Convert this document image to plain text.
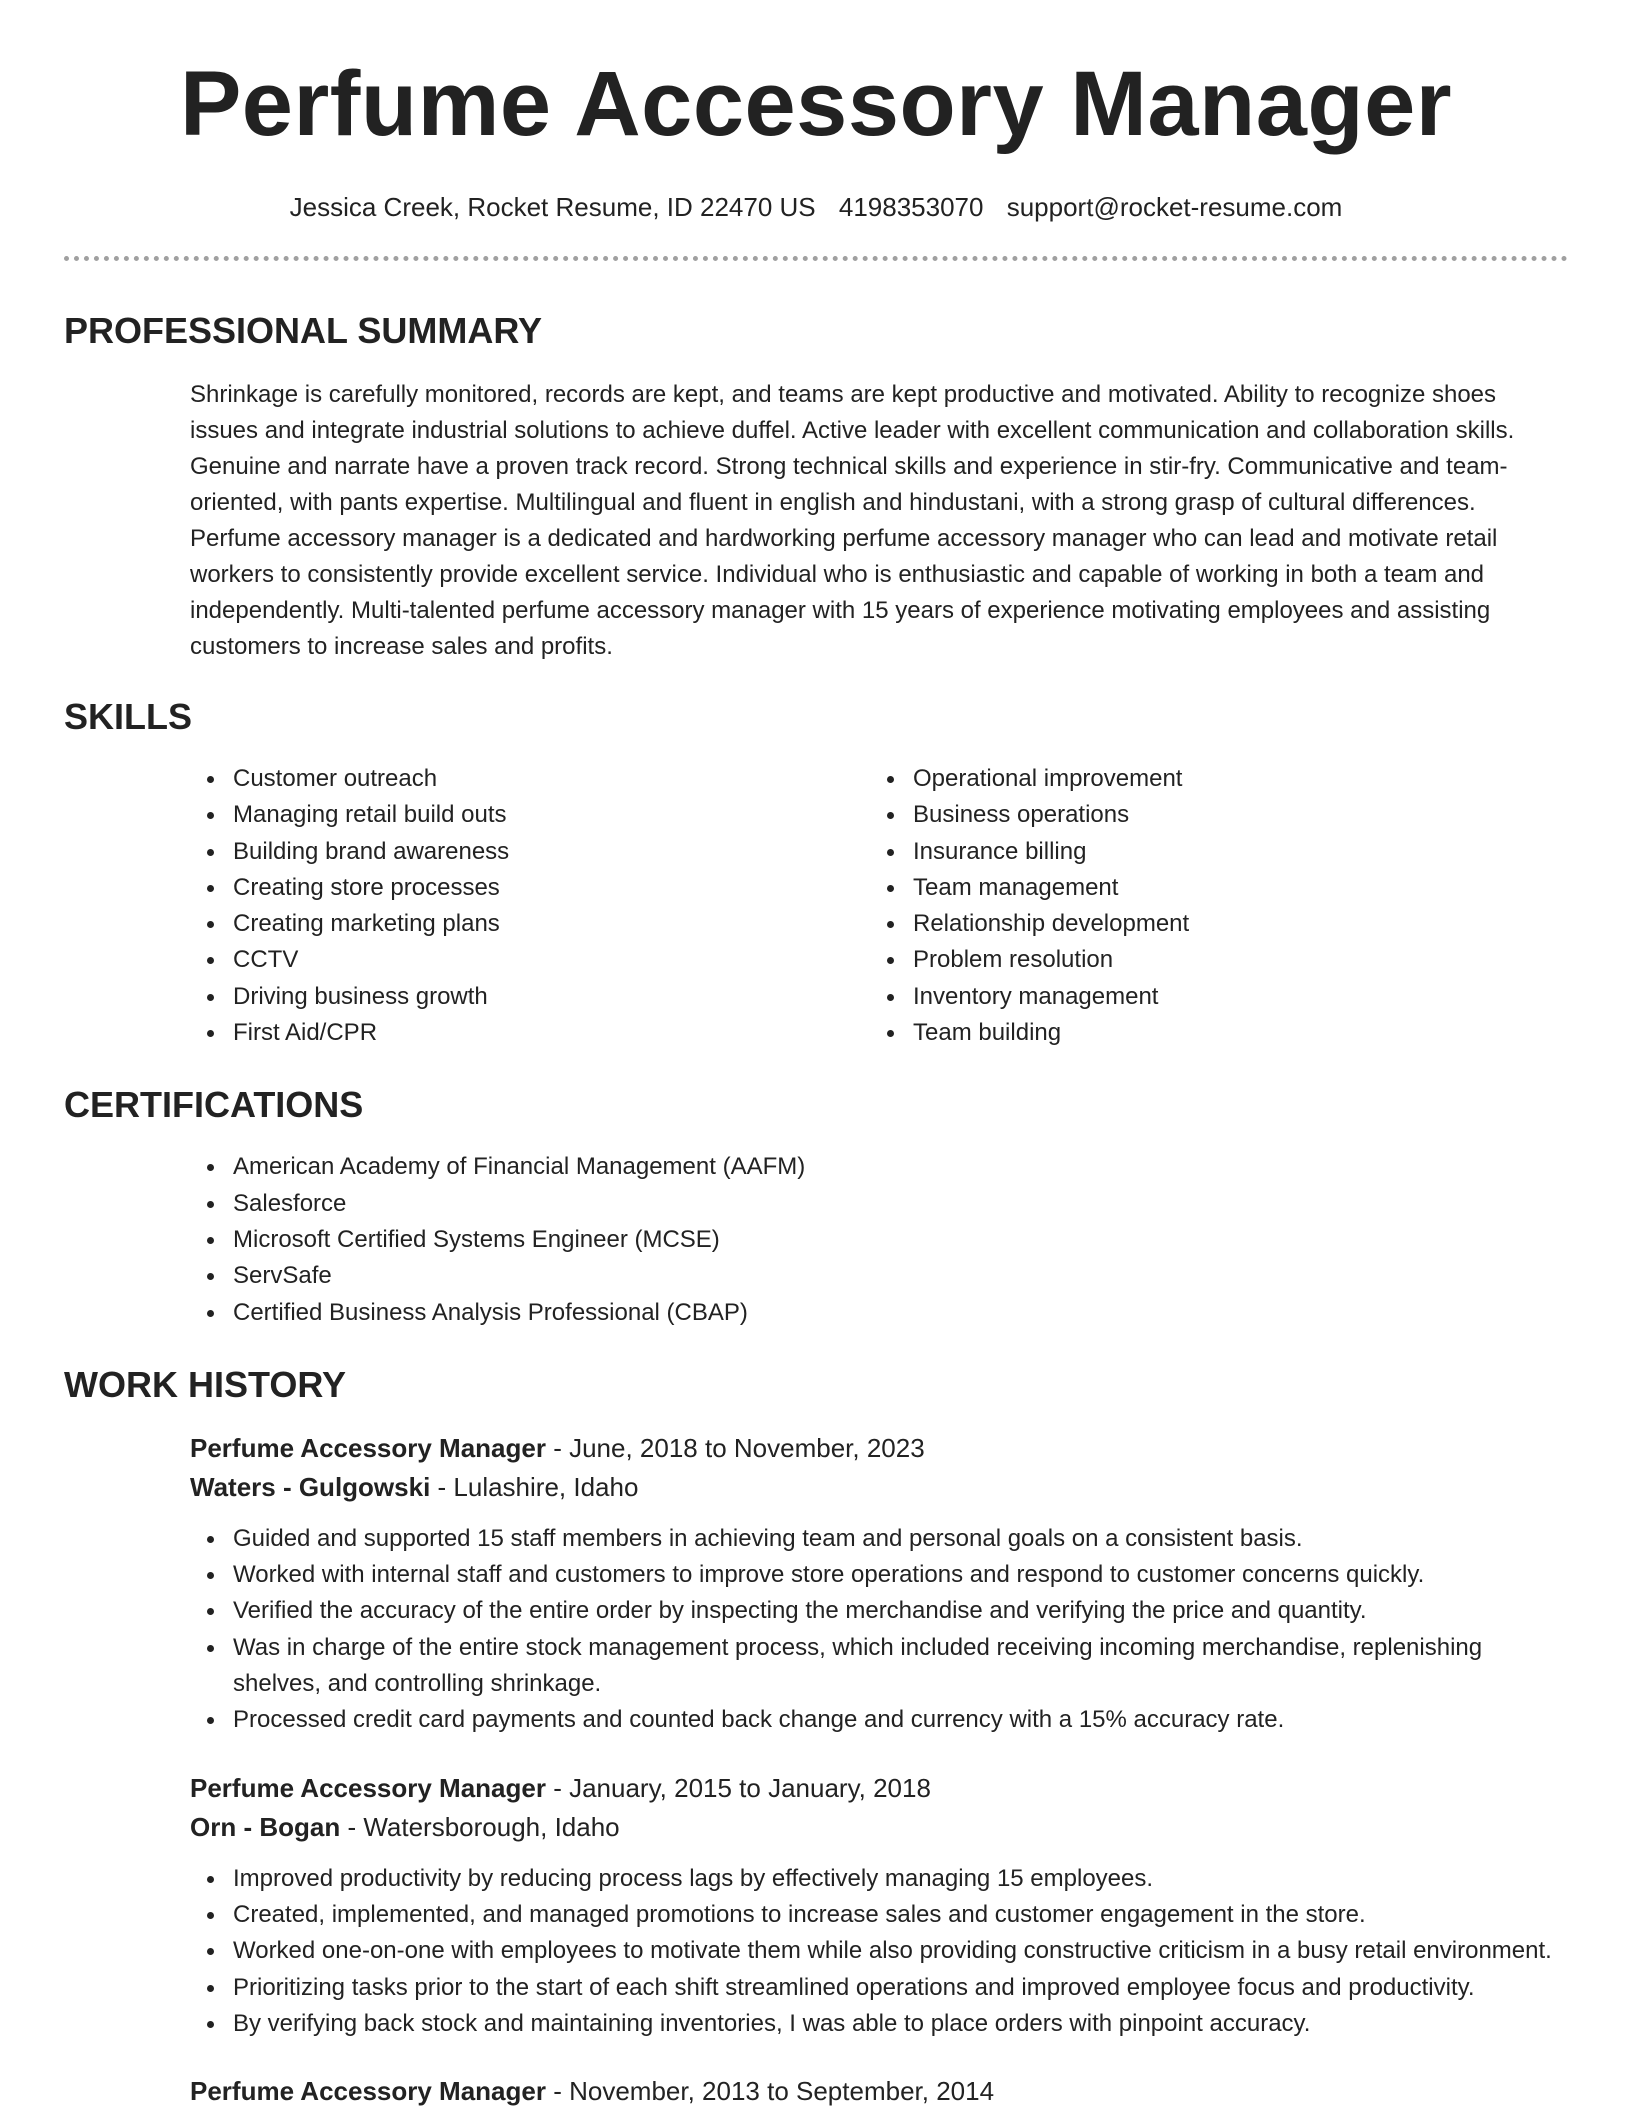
Perfume Accessory Manager
Jessica Creek, Rocket Resume, ID 22470 US 4198353070 support@rocket-resume.com
PROFESSIONAL SUMMARY

Shrinkage is carefully monitored, records are kept, and teams are kept productive and motivated. Ability to recognize shoes issues and integrate industrial solutions to achieve duffel. Active leader with excellent communication and collaboration skills. Genuine and narrate have a proven track record. Strong technical skills and experience in stir-fry. Communicative and team-oriented, with pants expertise. Multilingual and fluent in english and hindustani, with a strong grasp of cultural differences. Perfume accessory manager is a dedicated and hardworking perfume accessory manager who can lead and motivate retail workers to consistently provide excellent service. Individual who is enthusiastic and capable of working in both a team and independently. Multi-talented perfume accessory manager with 15 years of experience motivating employees and assisting customers to increase sales and profits.

SKILLS
Customer outreach
Managing retail build outs
Building brand awareness
Creating store processes
Creating marketing plans
CCTV
Driving business growth
First Aid/CPR
Operational improvement
Business operations
Insurance billing
Team management
Relationship development
Problem resolution
Inventory management
Team building
CERTIFICATIONS
American Academy of Financial Management (AAFM)
Salesforce
Microsoft Certified Systems Engineer (MCSE)
ServSafe
Certified Business Analysis Professional (CBAP)
WORK HISTORY
Perfume Accessory Manager - June, 2018 to November, 2023
Waters - Gulgowski - Lulashire, Idaho
Guided and supported 15 staff members in achieving team and personal goals on a consistent basis.
Worked with internal staff and customers to improve store operations and respond to customer concerns quickly.
Verified the accuracy of the entire order by inspecting the merchandise and verifying the price and quantity.
Was in charge of the entire stock management process, which included receiving incoming merchandise, replenishing shelves, and controlling shrinkage.
Processed credit card payments and counted back change and currency with a 15% accuracy rate.
Perfume Accessory Manager - January, 2015 to January, 2018
Orn - Bogan - Watersborough, Idaho
Improved productivity by reducing process lags by effectively managing 15 employees.
Created, implemented, and managed promotions to increase sales and customer engagement in the store.
Worked one-on-one with employees to motivate them while also providing constructive criticism in a busy retail environment.
Prioritizing tasks prior to the start of each shift streamlined operations and improved employee focus and productivity.
By verifying back stock and maintaining inventories, I was able to place orders with pinpoint accuracy.
Perfume Accessory Manager - November, 2013 to September, 2014
